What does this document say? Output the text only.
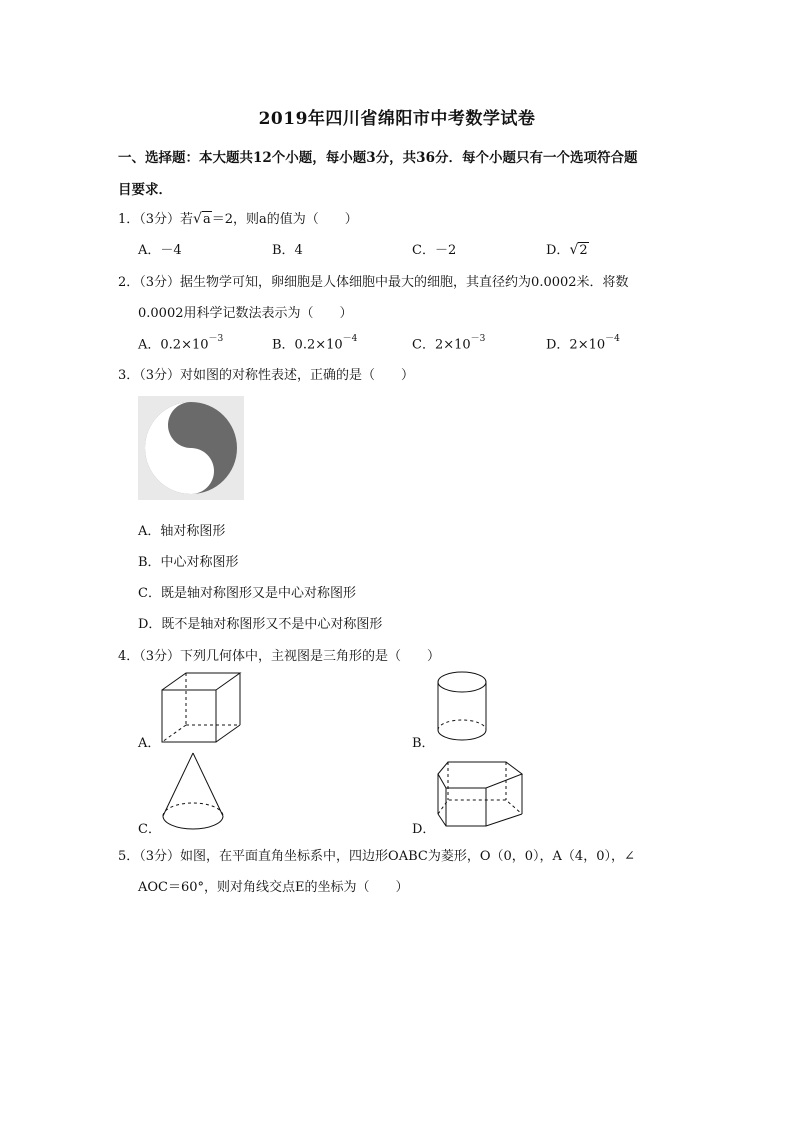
2019年四川省绵阳市中考数学试卷
一、选择题：本大题共12个小题，每小题3分，共36分．每个小题只有一个选项符合题
目要求．
1．（3分）若√a＝2，则a的值为（　　）
A．－4	B．4	C．－2	D．√2
2．（3分）据生物学可知，卵细胞是人体细胞中最大的细胞，其直径约为0.0002米．将数
0.0002用科学记数法表示为（　　）
A．$0.2\times 10^{-3}$	B．$0.2\times 10^{-4}$	C．$2\times 10^{-3}$	D．$2\times 10^{-4}$
3．（3分）对如图的对称性表述，正确的是（　　）
A．轴对称图形
B．中心对称图形
C．既是轴对称图形又是中心对称图形
D．既不是轴对称图形又不是中心对称图形
4．（3分）下列几何体中，主视图是三角形的是（　　）
A．	B．
C．	D．
5．（3分）如图，在平面直角坐标系中，四边形OABC为菱形，O（0，0），A（4，0），∠
AOC＝60°，则对角线交点E的坐标为（　　）
